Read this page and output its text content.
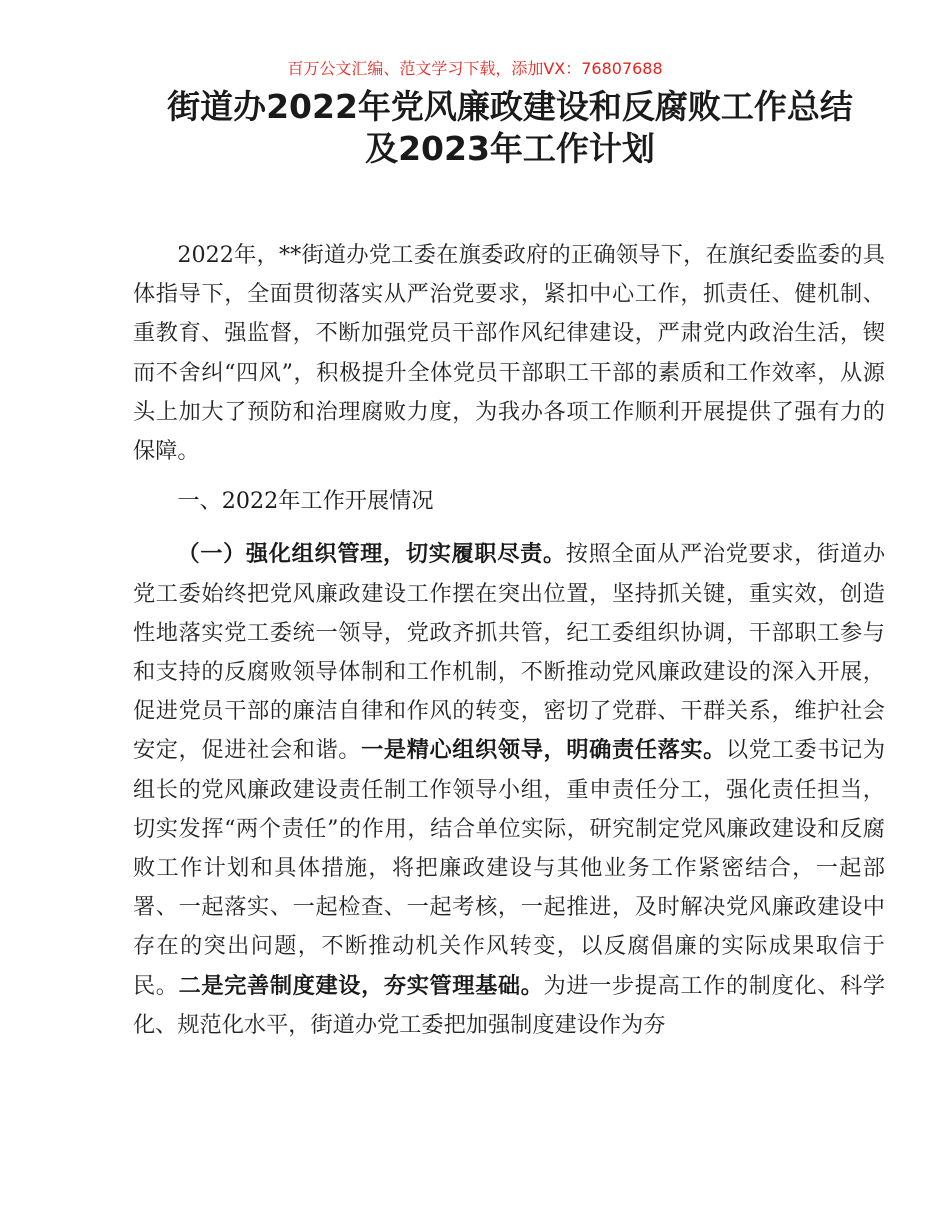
百万公文汇编、范文学习下载，添加VX：76807688
街道办2022年党风廉政建设和反腐败工作总结
及2023年工作计划

2022年，**街道办党工委在旗委政府的正确领导下，在旗纪委监委的具体指导下，全面贯彻落实从严治党要求，紧扣中心工作，抓责任、健机制、重教育、强监督，不断加强党员干部作风纪律建设，严肃党内政治生活，锲而不舍纠“四风”，积极提升全体党员干部职工干部的素质和工作效率，从源头上加大了预防和治理腐败力度，为我办各项工作顺利开展提供了强有力的保障。

一、2022年工作开展情况

（一）强化组织管理，切实履职尽责。按照全面从严治党要求，街道办党工委始终把党风廉政建设工作摆在突出位置，坚持抓关键，重实效，创造性地落实党工委统一领导，党政齐抓共管，纪工委组织协调，干部职工参与和支持的反腐败领导体制和工作机制，不断推动党风廉政建设的深入开展，促进党员干部的廉洁自律和作风的转变，密切了党群、干群关系，维护社会安定，促进社会和谐。一是精心组织领导，明确责任落实。以党工委书记为组长的党风廉政建设责任制工作领导小组，重申责任分工，强化责任担当，切实发挥“两个责任”的作用，结合单位实际，研究制定党风廉政建设和反腐败工作计划和具体措施，将把廉政建设与其他业务工作紧密结合，一起部署、一起落实、一起检查、一起考核，一起推进，及时解决党风廉政建设中存在的突出问题，不断推动机关作风转变，以反腐倡廉的实际成果取信于民。二是完善制度建设，夯实管理基础。为进一步提高工作的制度化、科学化、规范化水平，街道办党工委把加强制度建设作为夯
